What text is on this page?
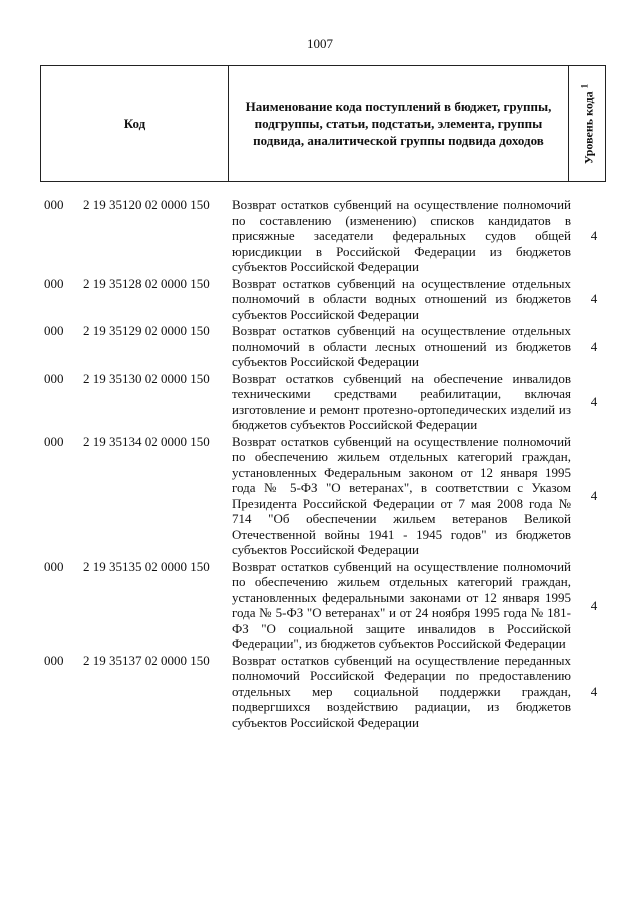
1007
Код
Наименование кода поступлений в бюджет, группы, подгруппы, статьи, подстатьи, элемента, группы подвида, аналитической группы подвида доходов	Уровень кода $^1$
000 2 19 35120 02 0000 150 Возврат остатков субвенций на осуществление полномочий по составлению (изменению) списков кандидатов в присяжные заседатели федеральных судов общей юрисдикции в Российской Федерации из бюджетов субъектов Российской Федерации
4
000 2 19 35128 02 0000 150 Возврат остатков субвенций на осуществление отдельных полномочий в области водных отношений из бюджетов субъектов Российской Федерации
4
000 2 19 35129 02 0000 150 Возврат остатков субвенций на осуществление отдельных полномочий в области лесных отношений из бюджетов субъектов Российской Федерации
4
000 2 19 35130 02 0000 150 Возврат остатков субвенций на обеспечение инвалидов техническими средствами реабилитации, включая изготовление и ремонт протезно-ортопедических изделий из бюджетов субъектов Российской Федерации
4
000 2 19 35134 02 0000 150 Возврат остатков субвенций на осуществление полномочий по обеспечению жильем отдельных категорий граждан, установленных Федеральным законом от 12 января 1995 года № 5-ФЗ "О ветеранах", в соответствии с Указом Президента Российской Федерации от 7 мая 2008 года № 714 "Об обеспечении жильем ветеранов Великой Отечественной войны 1941 - 1945 годов" из бюджетов субъектов Российской Федерации
4
000 2 19 35135 02 0000 150 Возврат остатков субвенций на осуществление полномочий по обеспечению жильем отдельных категорий граждан, установленных федеральными законами от 12 января 1995 года № 5-ФЗ "О ветеранах" и от 24 ноября 1995 года № 181-ФЗ "О социальной защите инвалидов в Российской Федерации", из бюджетов субъектов Российской Федерации
4
000 2 19 35137 02 0000 150 Возврат остатков субвенций на осуществление переданных полномочий Российской Федерации по предоставлению отдельных мер социальной поддержки граждан, подвергшихся воздействию радиации, из бюджетов субъектов Российской Федерации
4
